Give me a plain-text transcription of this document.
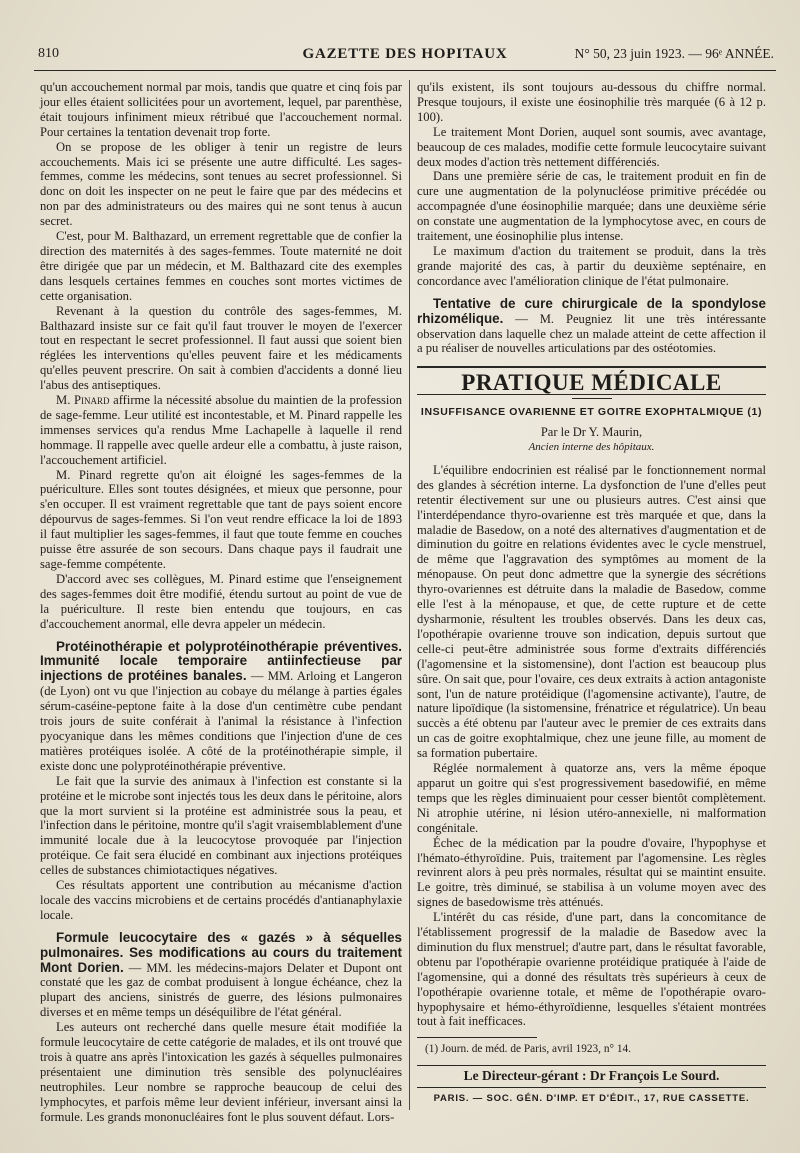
810	GAZETTE DES HOPITAUX	N° 50, 23 juin 1923. — 96ᵉ ANNÉE.

qu'un accouchement normal par mois, tandis que quatre et cinq fois par jour elles étaient sollicitées pour un avortement, lequel, par parenthèse, était toujours infiniment mieux rétribué que l'accouchement normal. Pour certaines la tentation devenait trop forte.

On se propose de les obliger à tenir un registre de leurs accouchements. Mais ici se présente une autre difficulté. Les sages-femmes, comme les médecins, sont tenues au secret professionnel. Si donc on doit les inspecter on ne peut le faire que par des médecins et non par des administrateurs ou des maires qui ne sont tenus à aucun secret.

C'est, pour M. Balthazard, un errement regrettable que de confier la direction des maternités à des sages-femmes. Toute maternité ne doit être dirigée que par un médecin, et M. Balthazard cite des exemples dans lesquels certaines femmes en couches sont mortes victimes de cette organisation.

Revenant à la question du contrôle des sages-femmes, M. Balthazard insiste sur ce fait qu'il faut trouver le moyen de l'exercer tout en respectant le secret professionnel. Il faut aussi que soient bien réglées les interventions qu'elles peuvent faire et les médicaments qu'elles peuvent prescrire. On sait à combien d'accidents a donné lieu l'abus des antiseptiques.

M. Pinard affirme la nécessité absolue du maintien de la profession de sage-femme. Leur utilité est incontestable, et M. Pinard rappelle les immenses services qu'a rendus Mme Lachapelle à laquelle il rend hommage. Il rappelle avec quelle ardeur elle a combattu, à juste raison, l'accouchement artificiel.

M. Pinard regrette qu'on ait éloigné les sages-femmes de la puériculture. Elles sont toutes désignées, et mieux que personne, pour s'en occuper. Il est vraiment regrettable que tant de pays soient encore dépourvus de sages-femmes. Si l'on veut rendre efficace la loi de 1893 il faut multiplier les sages-femmes, il faut que toute femme en couches puisse être assurée de son secours. Dans chaque pays il faudrait une sage-femme compétente.

D'accord avec ses collègues, M. Pinard estime que l'enseignement des sages-femmes doit être modifié, étendu surtout au point de vue de la puériculture. Il reste bien entendu que toujours, en cas d'accouchement anormal, elle devra appeler un médecin.

Protéinothérapie et polyprotéinothérapie préventives. Immunité locale temporaire antiinfectieuse par injections de protéines banales. — MM. Arloing et Langeron (de Lyon) ont vu que l'injection au cobaye du mélange à parties égales sérum-caséine-peptone faite à la dose d'un centimètre cube pendant trois jours de suite conférait à l'animal la résistance à l'infection pyocyanique dans les mêmes conditions que l'injection d'une de ces matières protéiques isolée. A côté de la protéinothérapie simple, il existe donc une polyprotéinothérapie préventive.

Le fait que la survie des animaux à l'infection est constante si la protéine et le microbe sont injectés tous les deux dans le péritoine, alors que la mort survient si la protéine est administrée sous la peau, et l'infection dans le péritoine, montre qu'il s'agit vraisemblablement d'une immunité locale due à la leucocytose provoquée par l'injection protéique. Ce fait sera élucidé en combinant aux injections protéiques celles de substances chimiotactiques négatives.

Ces résultats apportent une contribution au mécanisme d'action locale des vaccins microbiens et de certains procédés d'antianaphylaxie locale.

Formule leucocytaire des « gazés » à séquelles pulmonaires. Ses modifications au cours du traitement Mont Dorien. — MM. les médecins-majors Delater et Dupont ont constaté que les gaz de combat produisent à longue échéance, chez la plupart des anciens, sinistrés de guerre, des lésions pulmonaires diverses et en même temps un déséquilibre de l'état général.

Les auteurs ont recherché dans quelle mesure était modifiée la formule leucocytaire de cette catégorie de malades, et ils ont trouvé que trois à quatre ans après l'intoxication les gazés à séquelles pulmonaires présentaient une diminution très sensible des polynucléaires neutrophiles. Leur nombre se rapproche beaucoup de celui des lymphocytes, et parfois même leur devient inférieur, inversant ainsi la formule. Les grands mononucléaires font le plus souvent défaut. Lors-

qu'ils existent, ils sont toujours au-dessous du chiffre normal. Presque toujours, il existe une éosinophilie très marquée (6 à 12 p. 100).

Le traitement Mont Dorien, auquel sont soumis, avec avantage, beaucoup de ces malades, modifie cette formule leucocytaire suivant deux modes d'action très nettement différenciés.

Dans une première série de cas, le traitement produit en fin de cure une augmentation de la polynucléose primitive précédée ou accompagnée d'une éosinophilie marquée; dans une deuxième série on constate une augmentation de la lymphocytose avec, en cours de traitement, une éosinophilie plus intense.

Le maximum d'action du traitement se produit, dans la très grande majorité des cas, à partir du deuxième septénaire, en concordance avec l'amélioration clinique de l'état pulmonaire.

Tentative de cure chirurgicale de la spondylose rhizomélique. — M. Peugniez lit une très intéressante observation dans laquelle chez un malade atteint de cette affection il a pu réaliser de nouvelles articulations par des ostéotomies.

PRATIQUE MÉDICALE
INSUFFISANCE OVARIENNE ET GOITRE EXOPHTALMIQUE (1)
Par le Dr Y. Maurin,
Ancien interne des hôpitaux.

L'équilibre endocrinien est réalisé par le fonctionnement normal des glandes à sécrétion interne. La dysfonction de l'une d'elles peut retentir électivement sur une ou plusieurs autres. C'est ainsi que l'interdépendance thyro-ovarienne est très marquée et que, dans la maladie de Basedow, on a noté des alternatives d'augmentation et de diminution du goitre en relations évidentes avec le cycle menstruel, de même que l'aggravation des symptômes au moment de la ménopause. On peut donc admettre que la synergie des sécrétions thyro-ovariennes est détruite dans la maladie de Basedow, comme elle l'est à la ménopause, et que, de cette rupture et de cette dysharmonie, résultent les troubles observés. Dans les deux cas, l'opothérapie ovarienne trouve son indication, depuis surtout que celle-ci peut-être administrée sous forme d'extraits différenciés (l'agomensine et la sistomensine), dont l'action est beaucoup plus sûre. On sait que, pour l'ovaire, ces deux extraits à action antagoniste sont, l'un de nature protéidique (l'agomensine activante), l'autre, de nature lipoïdique (la sistomensine, frénatrice et régulatrice). Un beau succès a été obtenu par l'auteur avec le premier de ces extraits dans un cas de goitre exophtalmique, chez une jeune fille, au moment de sa formation pubertaire.

Réglée normalement à quatorze ans, vers la même époque apparut un goitre qui s'est progressivement basedowifié, en même temps que les règles diminuaient pour cesser bientôt complètement. Ni atrophie utérine, ni lésion utéro-annexielle, ni malformation congénitale.

Échec de la médication par la poudre d'ovaire, l'hypophyse et l'hémato-éthyroïdine. Puis, traitement par l'agomensine. Les règles revinrent alors à peu près normales, résultat qui se maintint ensuite. Le goitre, très diminué, se stabilisa à un volume moyen avec des signes de basedowisme très atténués.

L'intérêt du cas réside, d'une part, dans la concomitance de l'établissement progressif de la maladie de Basedow avec la diminution du flux menstruel; d'autre part, dans le résultat favorable, obtenu par l'opothérapie ovarienne protéidique pratiquée à l'aide de l'agomensine, qui a donné des résultats très supérieurs à ceux de l'opothérapie ovarienne totale, et même de l'opothérapie ovaro-hypophysaire et hémo-éthyroïdienne, lesquelles s'étaient montrées tout à fait inefficaces.

(1) Journ. de méd. de Paris, avril 1923, n° 14.

Le Directeur-gérant : Dr François Le Sourd.
PARIS. — SOC. GÉN. D'IMP. ET D'ÉDIT., 17, RUE CASSETTE.
